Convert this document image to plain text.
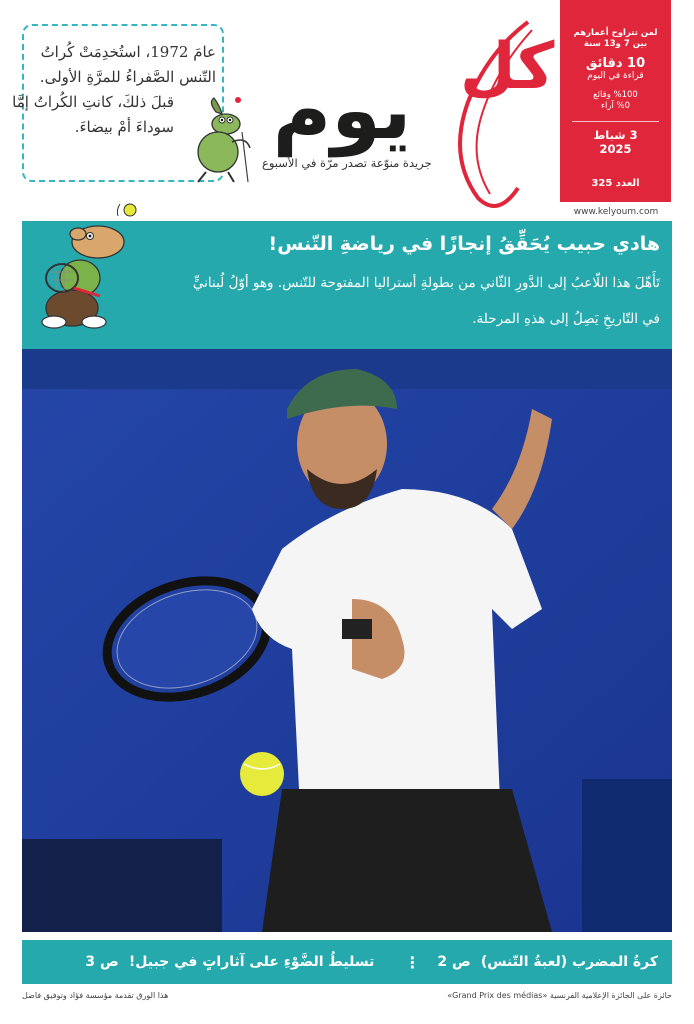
عامَ 1972، استُخدِمَتْ كُراتُ
التّنس الصَّفراءُ للمرَّةِ الأولى.
قبلَ ذلكَ، كانتِ الكُراتُ إمَّا
سوداءَ أمْ بيضاءَ.
كل
يوم
جريدة منوّعة تصدر مرّة في الأسبوع
لمن تتراوح أعمارهم
بين 7 و13 سنة
10 دقائق
قراءة في اليوم
%100 وقائع
%0 آراء
3 شباط
2025
العدد 325
www.kelyoum.com
هادي حبيب يُحَقِّقُ إنجازًا في رياضةِ التّنس!
تَأَهّلَ هذا اللّاعبُ إلى الدَّورِ الثّاني من بطولةِ أستراليا المفتوحة للتّنس. وهو أوّلُ لُبنانيٍّ
في التّاريخِ يَصِلُ إلى هذهِ المرحلة.
كرةُ المضرب (لعبةُ التّنس)
ص 2
⋮
تسليطُ الضَّوْءِ على آثاراتٍ في جبيل!
ص 3
هذا الورق تقدمة مؤسسة فؤاد وتوفيق فاضل	حائزة على الجائزة الإعلامية الفرنسية «Grand Prix des médias»
